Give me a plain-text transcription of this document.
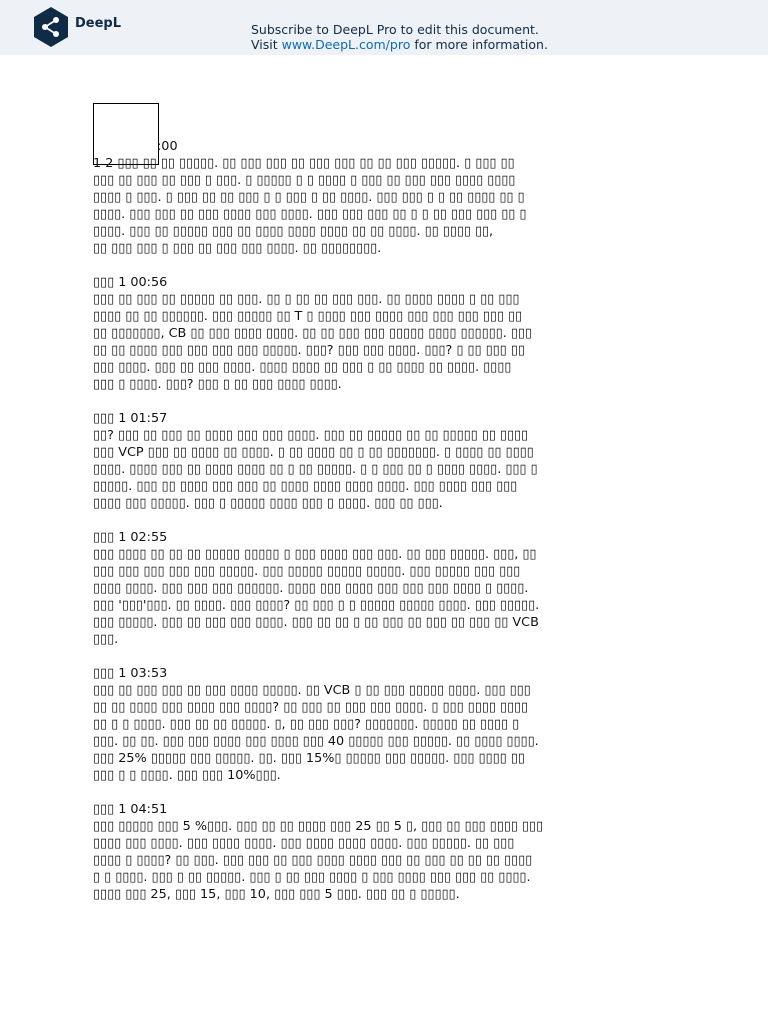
DeepL	Subscribe to DeepL Pro to edit this document.
Visit www.DeepL.com/pro for more information.
:00
1 2 ▯▯▯ ▯▯ ▯▯ ▯▯▯▯▯. ▯▯ ▯▯▯ ▯▯▯ ▯▯ ▯▯▯ ▯▯▯ ▯▯ ▯▯ ▯▯▯ ▯▯▯▯▯. ▯ ▯▯▯ ▯▯
▯▯▯ ▯▯ ▯▯▯ ▯▯ ▯▯▯ ▯ ▯▯▯. ▯ ▯▯▯▯▯ ▯ ▯ ▯▯▯▯ ▯ ▯▯▯ ▯▯ ▯▯▯ ▯▯▯ ▯▯▯▯ ▯▯▯▯
▯▯▯▯ ▯ ▯▯▯. ▯ ▯▯▯ ▯▯ ▯▯ ▯▯▯ ▯ ▯ ▯▯▯ ▯ ▯▯ ▯▯▯▯. ▯▯▯ ▯▯▯ ▯ ▯ ▯▯ ▯▯▯▯ ▯▯ ▯
▯▯▯▯. ▯▯▯ ▯▯▯ ▯▯ ▯▯▯ ▯▯▯▯ ▯▯▯ ▯▯▯▯. ▯▯▯ ▯▯▯ ▯▯▯ ▯▯ ▯ ▯ ▯▯ ▯▯▯ ▯▯▯ ▯▯ ▯
▯▯▯▯. ▯▯▯ ▯▯ ▯▯▯▯▯ ▯▯▯ ▯▯ ▯▯▯▯ ▯▯▯▯ ▯▯▯▯ ▯▯ ▯▯ ▯▯▯▯. ▯▯ ▯▯▯▯ ▯▯,
▯▯ ▯▯▯ ▯▯▯ ▯ ▯▯▯ ▯▯ ▯▯▯ ▯▯▯ ▯▯▯▯. ▯▯ ▯▯▯▯▯▯▯▯.
▯▯▯ 1 00:56
▯▯▯ ▯▯ ▯▯▯ ▯▯ ▯▯▯▯▯ ▯▯ ▯▯▯. ▯▯ ▯ ▯▯ ▯▯ ▯▯▯ ▯▯▯. ▯▯ ▯▯▯▯ ▯▯▯▯ ▯ ▯▯ ▯▯▯
▯▯▯▯ ▯▯ ▯▯ ▯▯▯▯▯▯. ▯▯▯ ▯▯▯▯▯ ▯▯ T ▯ ▯▯▯▯ ▯▯▯ ▯▯▯▯ ▯▯▯ ▯▯▯ ▯▯▯ ▯▯▯ ▯▯
▯▯ ▯▯▯▯▯▯▯, CB ▯▯ ▯▯▯ ▯▯▯▯ ▯▯▯▯. ▯▯ ▯▯ ▯▯▯ ▯▯▯ ▯▯▯▯▯ ▯▯▯▯ ▯▯▯▯▯▯. ▯▯▯
▯▯ ▯▯ ▯▯▯▯ ▯▯▯ ▯▯▯ ▯▯▯ ▯▯▯ ▯▯▯▯▯. ▯▯▯? ▯▯▯ ▯▯▯ ▯▯▯▯. ▯▯▯? ▯ ▯▯ ▯▯▯ ▯▯
▯▯▯ ▯▯▯▯. ▯▯▯ ▯▯ ▯▯▯ ▯▯▯▯. ▯▯▯▯ ▯▯▯▯ ▯▯ ▯▯▯ ▯ ▯▯ ▯▯▯▯ ▯▯ ▯▯▯▯. ▯▯▯▯
▯▯▯ ▯ ▯▯▯▯. ▯▯▯? ▯▯▯ ▯ ▯▯ ▯▯▯ ▯▯▯▯ ▯▯▯▯.
▯▯▯ 1 01:57
▯▯? ▯▯▯ ▯▯ ▯▯▯ ▯▯ ▯▯▯▯ ▯▯▯ ▯▯▯ ▯▯▯▯. ▯▯▯ ▯▯ ▯▯▯▯▯ ▯▯ ▯▯ ▯▯▯▯▯ ▯▯ ▯▯▯▯
▯▯▯ VCP ▯▯▯ ▯▯ ▯▯▯▯ ▯▯ ▯▯▯▯. ▯ ▯▯ ▯▯▯▯ ▯▯ ▯ ▯▯ ▯▯▯▯▯▯▯. ▯ ▯▯▯▯ ▯▯ ▯▯▯▯
▯▯▯▯. ▯▯▯▯ ▯▯▯ ▯▯ ▯▯▯▯ ▯▯▯▯ ▯▯ ▯ ▯▯ ▯▯▯▯▯. ▯ ▯ ▯▯▯ ▯▯ ▯ ▯▯▯▯ ▯▯▯▯. ▯▯▯ ▯
▯▯▯▯▯. ▯▯▯ ▯▯ ▯▯▯▯ ▯▯▯ ▯▯▯ ▯▯ ▯▯▯▯ ▯▯▯▯ ▯▯▯▯ ▯▯▯▯. ▯▯▯ ▯▯▯▯ ▯▯▯ ▯▯▯
▯▯▯▯ ▯▯▯ ▯▯▯▯▯. ▯▯▯ ▯ ▯▯▯▯▯ ▯▯▯▯ ▯▯▯ ▯ ▯▯▯▯. ▯▯▯ ▯▯ ▯▯▯.
▯▯▯ 1 02:55
▯▯▯ ▯▯▯▯ ▯▯ ▯▯ ▯▯ ▯▯▯▯▯ ▯▯▯▯▯ ▯ ▯▯▯ ▯▯▯▯ ▯▯▯ ▯▯▯. ▯▯ ▯▯▯ ▯▯▯▯▯. ▯▯▯, ▯▯
▯▯▯ ▯▯▯ ▯▯▯ ▯▯▯ ▯▯▯ ▯▯▯▯▯. ▯▯▯ ▯▯▯▯▯ ▯▯▯▯▯ ▯▯▯▯▯. ▯▯▯ ▯▯▯▯▯ ▯▯▯ ▯▯▯
▯▯▯▯ ▯▯▯▯. ▯▯▯ ▯▯▯ ▯▯▯ ▯▯▯▯▯▯. ▯▯▯▯ ▯▯▯ ▯▯▯▯ ▯▯▯ ▯▯▯ ▯▯▯ ▯▯▯▯ ▯ ▯▯▯▯.
▯▯▯ '▯▯▯'▯▯▯. ▯▯ ▯▯▯▯. ▯▯▯ ▯▯▯▯? ▯▯ ▯▯▯ ▯ ▯ ▯▯▯▯▯ ▯▯▯▯▯ ▯▯▯▯. ▯▯▯ ▯▯▯▯▯.
▯▯▯ ▯▯▯▯▯. ▯▯▯ ▯▯ ▯▯▯ ▯▯▯ ▯▯▯▯. ▯▯▯ ▯▯ ▯▯ ▯ ▯▯ ▯▯▯ ▯▯ ▯▯▯ ▯▯ ▯▯▯ ▯▯ VCB
▯▯▯.
▯▯▯ 1 03:53
▯▯▯ ▯▯ ▯▯▯ ▯▯▯ ▯▯ ▯▯▯ ▯▯▯▯ ▯▯▯▯▯. ▯▯ VCB ▯ ▯▯ ▯▯▯ ▯▯▯▯▯ ▯▯▯▯. ▯▯▯ ▯▯▯
▯▯ ▯▯ ▯▯▯▯ ▯▯▯ ▯▯▯▯ ▯▯▯ ▯▯▯▯? ▯▯ ▯▯▯ ▯▯ ▯▯▯ ▯▯▯ ▯▯▯▯. ▯ ▯▯▯ ▯▯▯▯ ▯▯▯▯
▯▯ ▯ ▯ ▯▯▯▯. ▯▯▯ ▯▯ ▯▯ ▯▯▯▯▯. ▯, ▯▯ ▯▯▯ ▯▯▯? ▯▯▯▯▯▯▯. ▯▯▯▯▯ ▯▯ ▯▯▯▯ ▯
▯▯▯. ▯▯ ▯▯. ▯▯▯ ▯▯▯ ▯▯▯▯ ▯▯▯ ▯▯▯▯ ▯▯▯ 40 ▯▯▯▯▯ ▯▯▯ ▯▯▯▯▯. ▯▯ ▯▯▯▯ ▯▯▯▯.
▯▯▯ 25% ▯▯▯▯▯ ▯▯▯ ▯▯▯▯▯. ▯▯. ▯▯▯ 15%▯ ▯▯▯▯▯ ▯▯▯ ▯▯▯▯▯. ▯▯▯ ▯▯▯▯ ▯▯
▯▯▯ ▯ ▯ ▯▯▯▯. ▯▯▯ ▯▯▯ 10%▯▯▯.
▯▯▯ 1 04:51
▯▯▯ ▯▯▯▯▯ ▯▯▯ 5 %▯▯▯. ▯▯▯ ▯▯ ▯▯ ▯▯▯▯ ▯▯▯ 25 ▯▯ 5 ▯, ▯▯▯ ▯▯ ▯▯▯ ▯▯▯▯ ▯▯▯
▯▯▯▯ ▯▯▯ ▯▯▯▯. ▯▯▯ ▯▯▯▯ ▯▯▯▯. ▯▯▯ ▯▯▯▯ ▯▯▯▯ ▯▯▯▯. ▯▯▯ ▯▯▯▯▯. ▯▯ ▯▯▯
▯▯▯▯ ▯ ▯▯▯▯? ▯▯ ▯▯▯. ▯▯▯ ▯▯▯ ▯▯ ▯▯▯ ▯▯▯▯ ▯▯▯▯ ▯▯▯ ▯▯ ▯▯▯ ▯▯ ▯▯ ▯▯ ▯▯▯▯
▯ ▯ ▯▯▯▯. ▯▯▯ ▯ ▯▯ ▯▯▯▯▯. ▯▯▯ ▯ ▯▯ ▯▯▯ ▯▯▯▯ ▯ ▯▯▯ ▯▯▯▯ ▯▯▯ ▯▯▯ ▯▯ ▯▯▯▯.
▯▯▯▯ ▯▯▯ 25, ▯▯▯ 15, ▯▯▯ 10, ▯▯▯ ▯▯▯ 5 ▯▯▯. ▯▯▯ ▯▯ ▯ ▯▯▯▯▯.
